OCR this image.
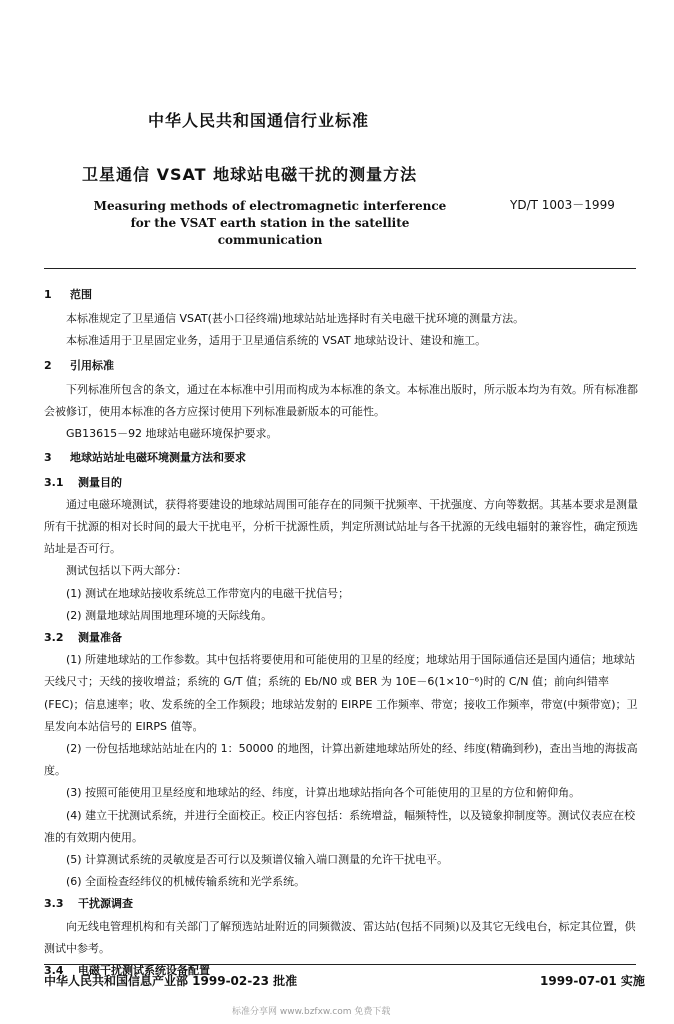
中华人民共和国通信行业标准
卫星通信 VSAT 地球站电磁干扰的测量方法
Measuring methods of electromagnetic interference
for the VSAT earth station in the satellite communication
YD/T 1003－1999
1 范围

本标准规定了卫星通信 VSAT(甚小口径终端)地球站站址选择时有关电磁干扰环境的测量方法。

本标准适用于卫星固定业务，适用于卫星通信系统的 VSAT 地球站设计、建设和施工。

2 引用标准

下列标准所包含的条文，通过在本标准中引用而构成为本标准的条文。本标准出版时，所示版本均为有效。所有标准都会被修订，使用本标准的各方应探讨使用下列标准最新版本的可能性。

GB13615－92 地球站电磁环境保护要求。

3 地球站站址电磁环境测量方法和要求
3.1 测量目的

通过电磁环境测试，获得将要建设的地球站周围可能存在的同频干扰频率、干扰强度、方向等数据。其基本要求是测量所有干扰源的相对长时间的最大干扰电平，分析干扰源性质，判定所测试站址与各干扰源的无线电辐射的兼容性，确定预选站址是否可行。

测试包括以下两大部分：

(1) 测试在地球站接收系统总工作带宽内的电磁干扰信号；

(2) 测量地球站周围地理环境的天际线角。

3.2 测量准备

(1) 所建地球站的工作参数。其中包括将要使用和可能使用的卫星的经度；地球站用于国际通信还是国内通信；地球站天线尺寸；天线的接收增益；系统的 G/T 值；系统的 Eb/N0 或 BER 为 10E－6(1×10⁻⁶)时的 C/N 值；前向纠错率(FEC)；信息速率；收、发系统的全工作频段；地球站发射的 EIRPE 工作频率、带宽；接收工作频率，带宽(中频带宽)；卫星发向本站信号的 EIRPS 值等。

(2) 一份包括地球站站址在内的 1：50000 的地图，计算出新建地球站所处的经、纬度(精确到秒)，查出当地的海拔高度。

(3) 按照可能使用卫星经度和地球站的经、纬度，计算出地球站指向各个可能使用的卫星的方位和俯仰角。

(4) 建立干扰测试系统，并进行全面校正。校正内容包括：系统增益，幅频特性，以及镜象抑制度等。测试仪表应在校准的有效期内使用。

(5) 计算测试系统的灵敏度是否可行以及频谱仪输入端口测量的允许干扰电平。

(6) 全面检查经纬仪的机械传输系统和光学系统。

3.3 干扰源调查

向无线电管理机构和有关部门了解预选站址附近的同频微波、雷达站(包括不同频)以及其它无线电台，标定其位置，供测试中参考。

3.4 电磁干扰测试系统设备配置
中华人民共和国信息产业部 1999-02-23 批准	1999-07-01 实施
标准分享网 www.bzfxw.com 免费下载
